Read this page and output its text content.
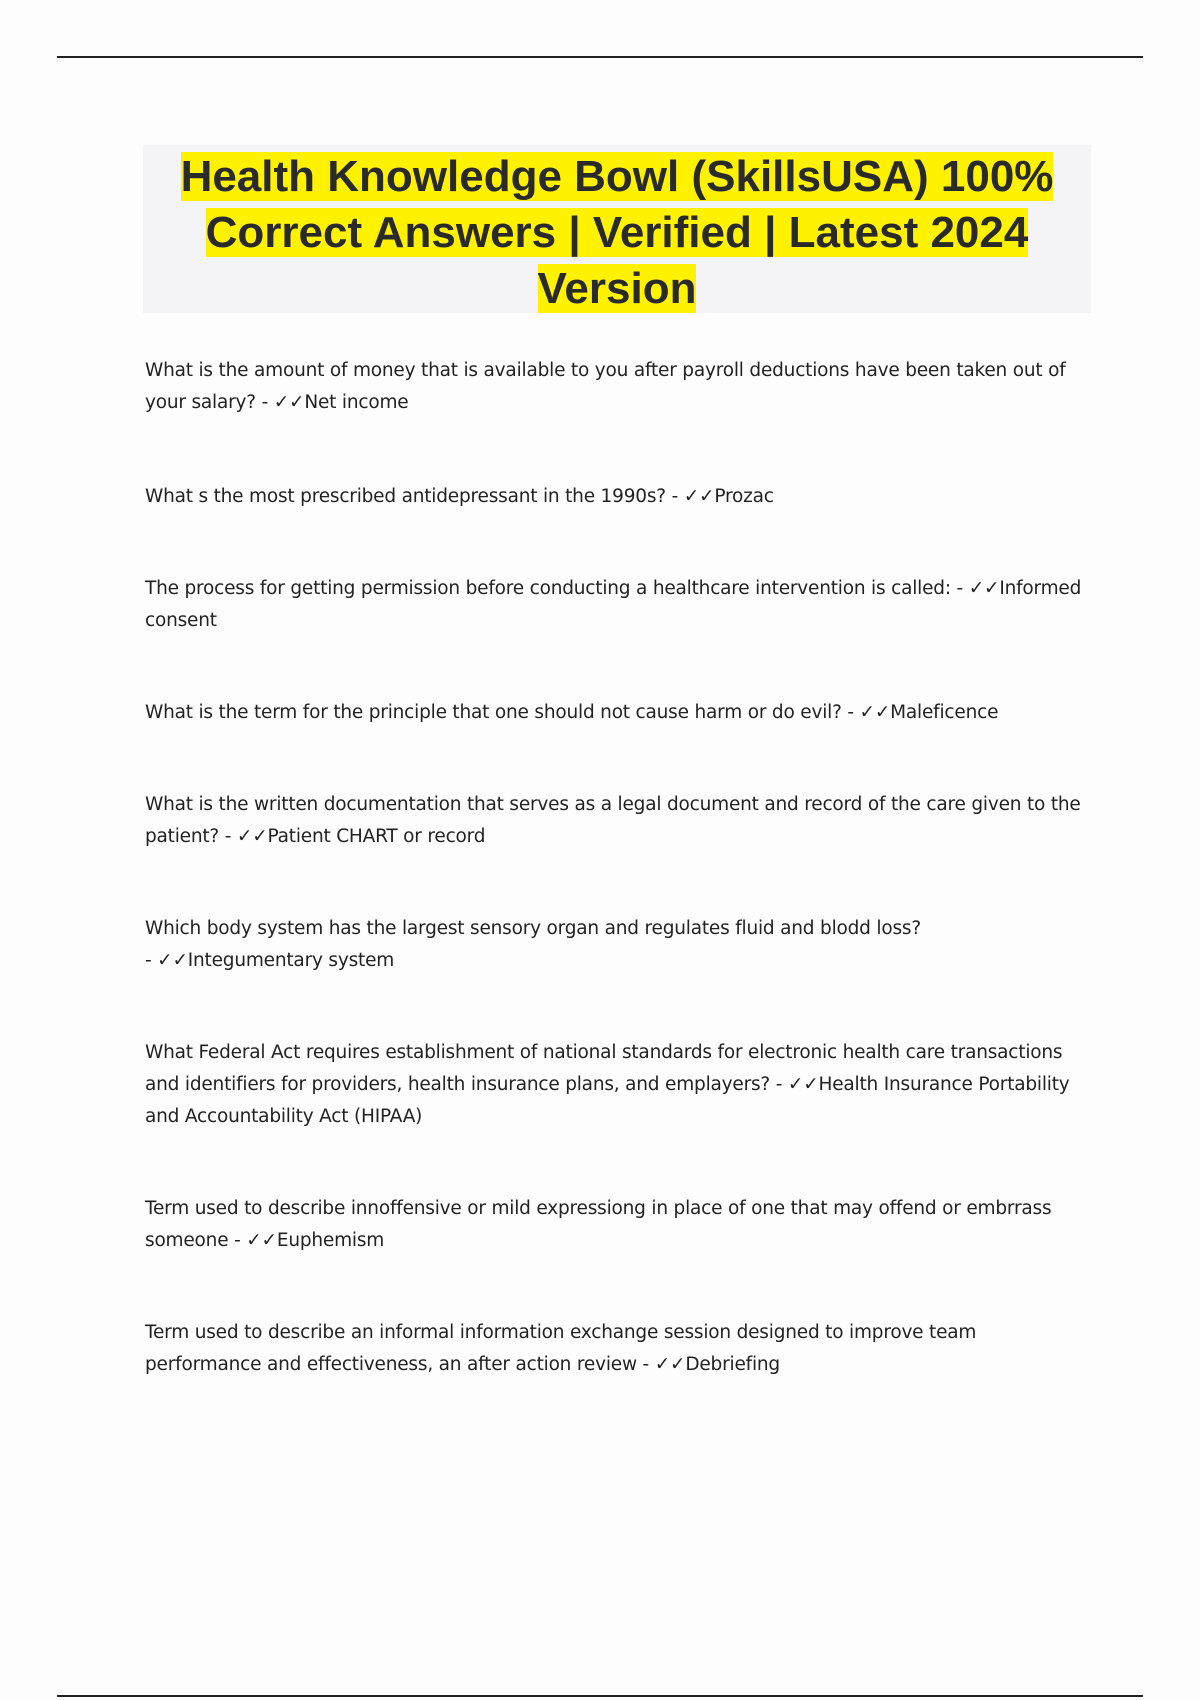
Health Knowledge Bowl (SkillsUSA) 100% Correct Answers | Verified | Latest 2024 Version

What is the amount of money that is available to you after payroll deductions have been taken out of your salary? - ✓✓Net income

What s the most prescribed antidepressant in the 1990s? - ✓✓Prozac

The process for getting permission before conducting a healthcare intervention is called: - ✓✓Informed consent

What is the term for the principle that one should not cause harm or do evil? - ✓✓Maleficence

What is the written documentation that serves as a legal document and record of the care given to the patient? - ✓✓Patient CHART or record

Which body system has the largest sensory organ and regulates fluid and blodd loss? - ✓✓Integumentary system

What Federal Act requires establishment of national standards for electronic health care transactions and identifiers for providers, health insurance plans, and emplayers? - ✓✓Health Insurance Portability and Accountability Act (HIPAA)

Term used to describe innoffensive or mild expressiong in place of one that may offend or embrrass someone - ✓✓Euphemism

Term used to describe an informal information exchange session designed to improve team performance and effectiveness, an after action review - ✓✓Debriefing
